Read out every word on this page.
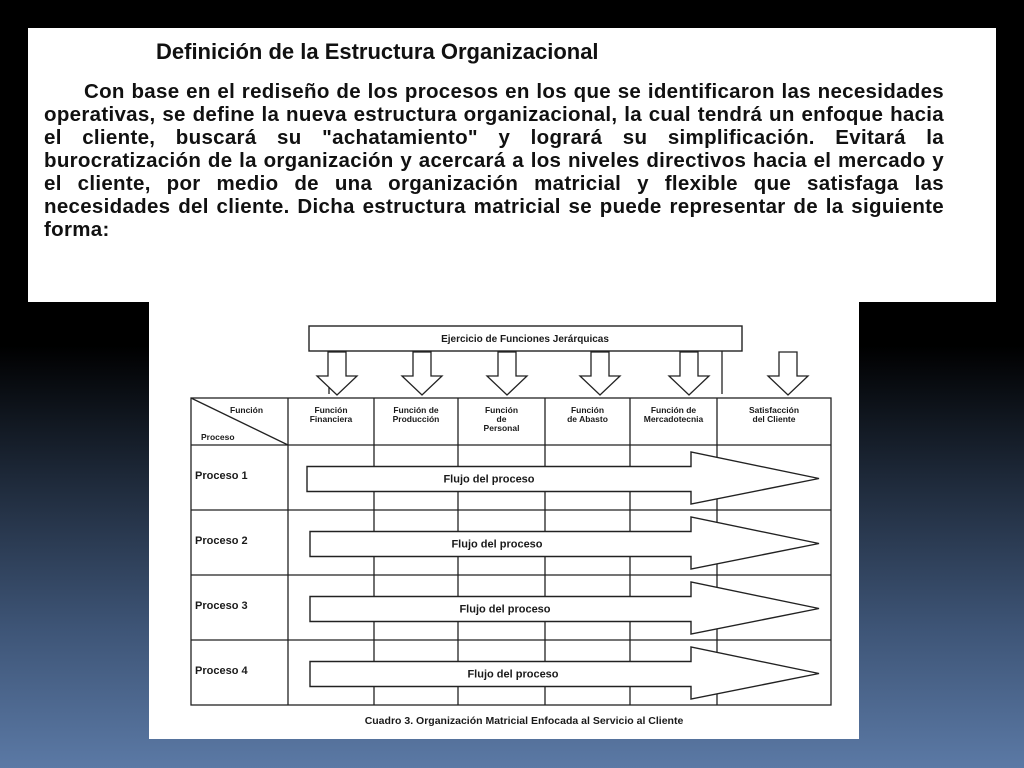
Definición de la Estructura Organizacional

Con base en el rediseño de los procesos en los que se identificaron las necesidades operativas, se define la nueva estructura organizacional, la cual tendrá un enfoque hacia el cliente, buscará su "achatamiento" y logrará su simplificación. Evitará la burocratización de la organización y acercará a los niveles directivos hacia el mercado y el cliente, por medio de una organización matricial y flexible que satisfaga las necesidades del cliente. Dicha estructura matricial se puede representar de la siguiente forma:

Ejercicio de Funciones Jerárquicas
Función
Proceso
Función
Financiera
Función de
Producción
Función
de
Personal
Función
de Abasto
Función de
Mercadotecnia
Satisfacción
del Cliente
Proceso 1
Proceso 2
Proceso 3
Proceso 4
Flujo del proceso
Flujo del proceso
Flujo del proceso
Flujo del proceso
Cuadro 3. Organización Matricial Enfocada al Servicio al Cliente
